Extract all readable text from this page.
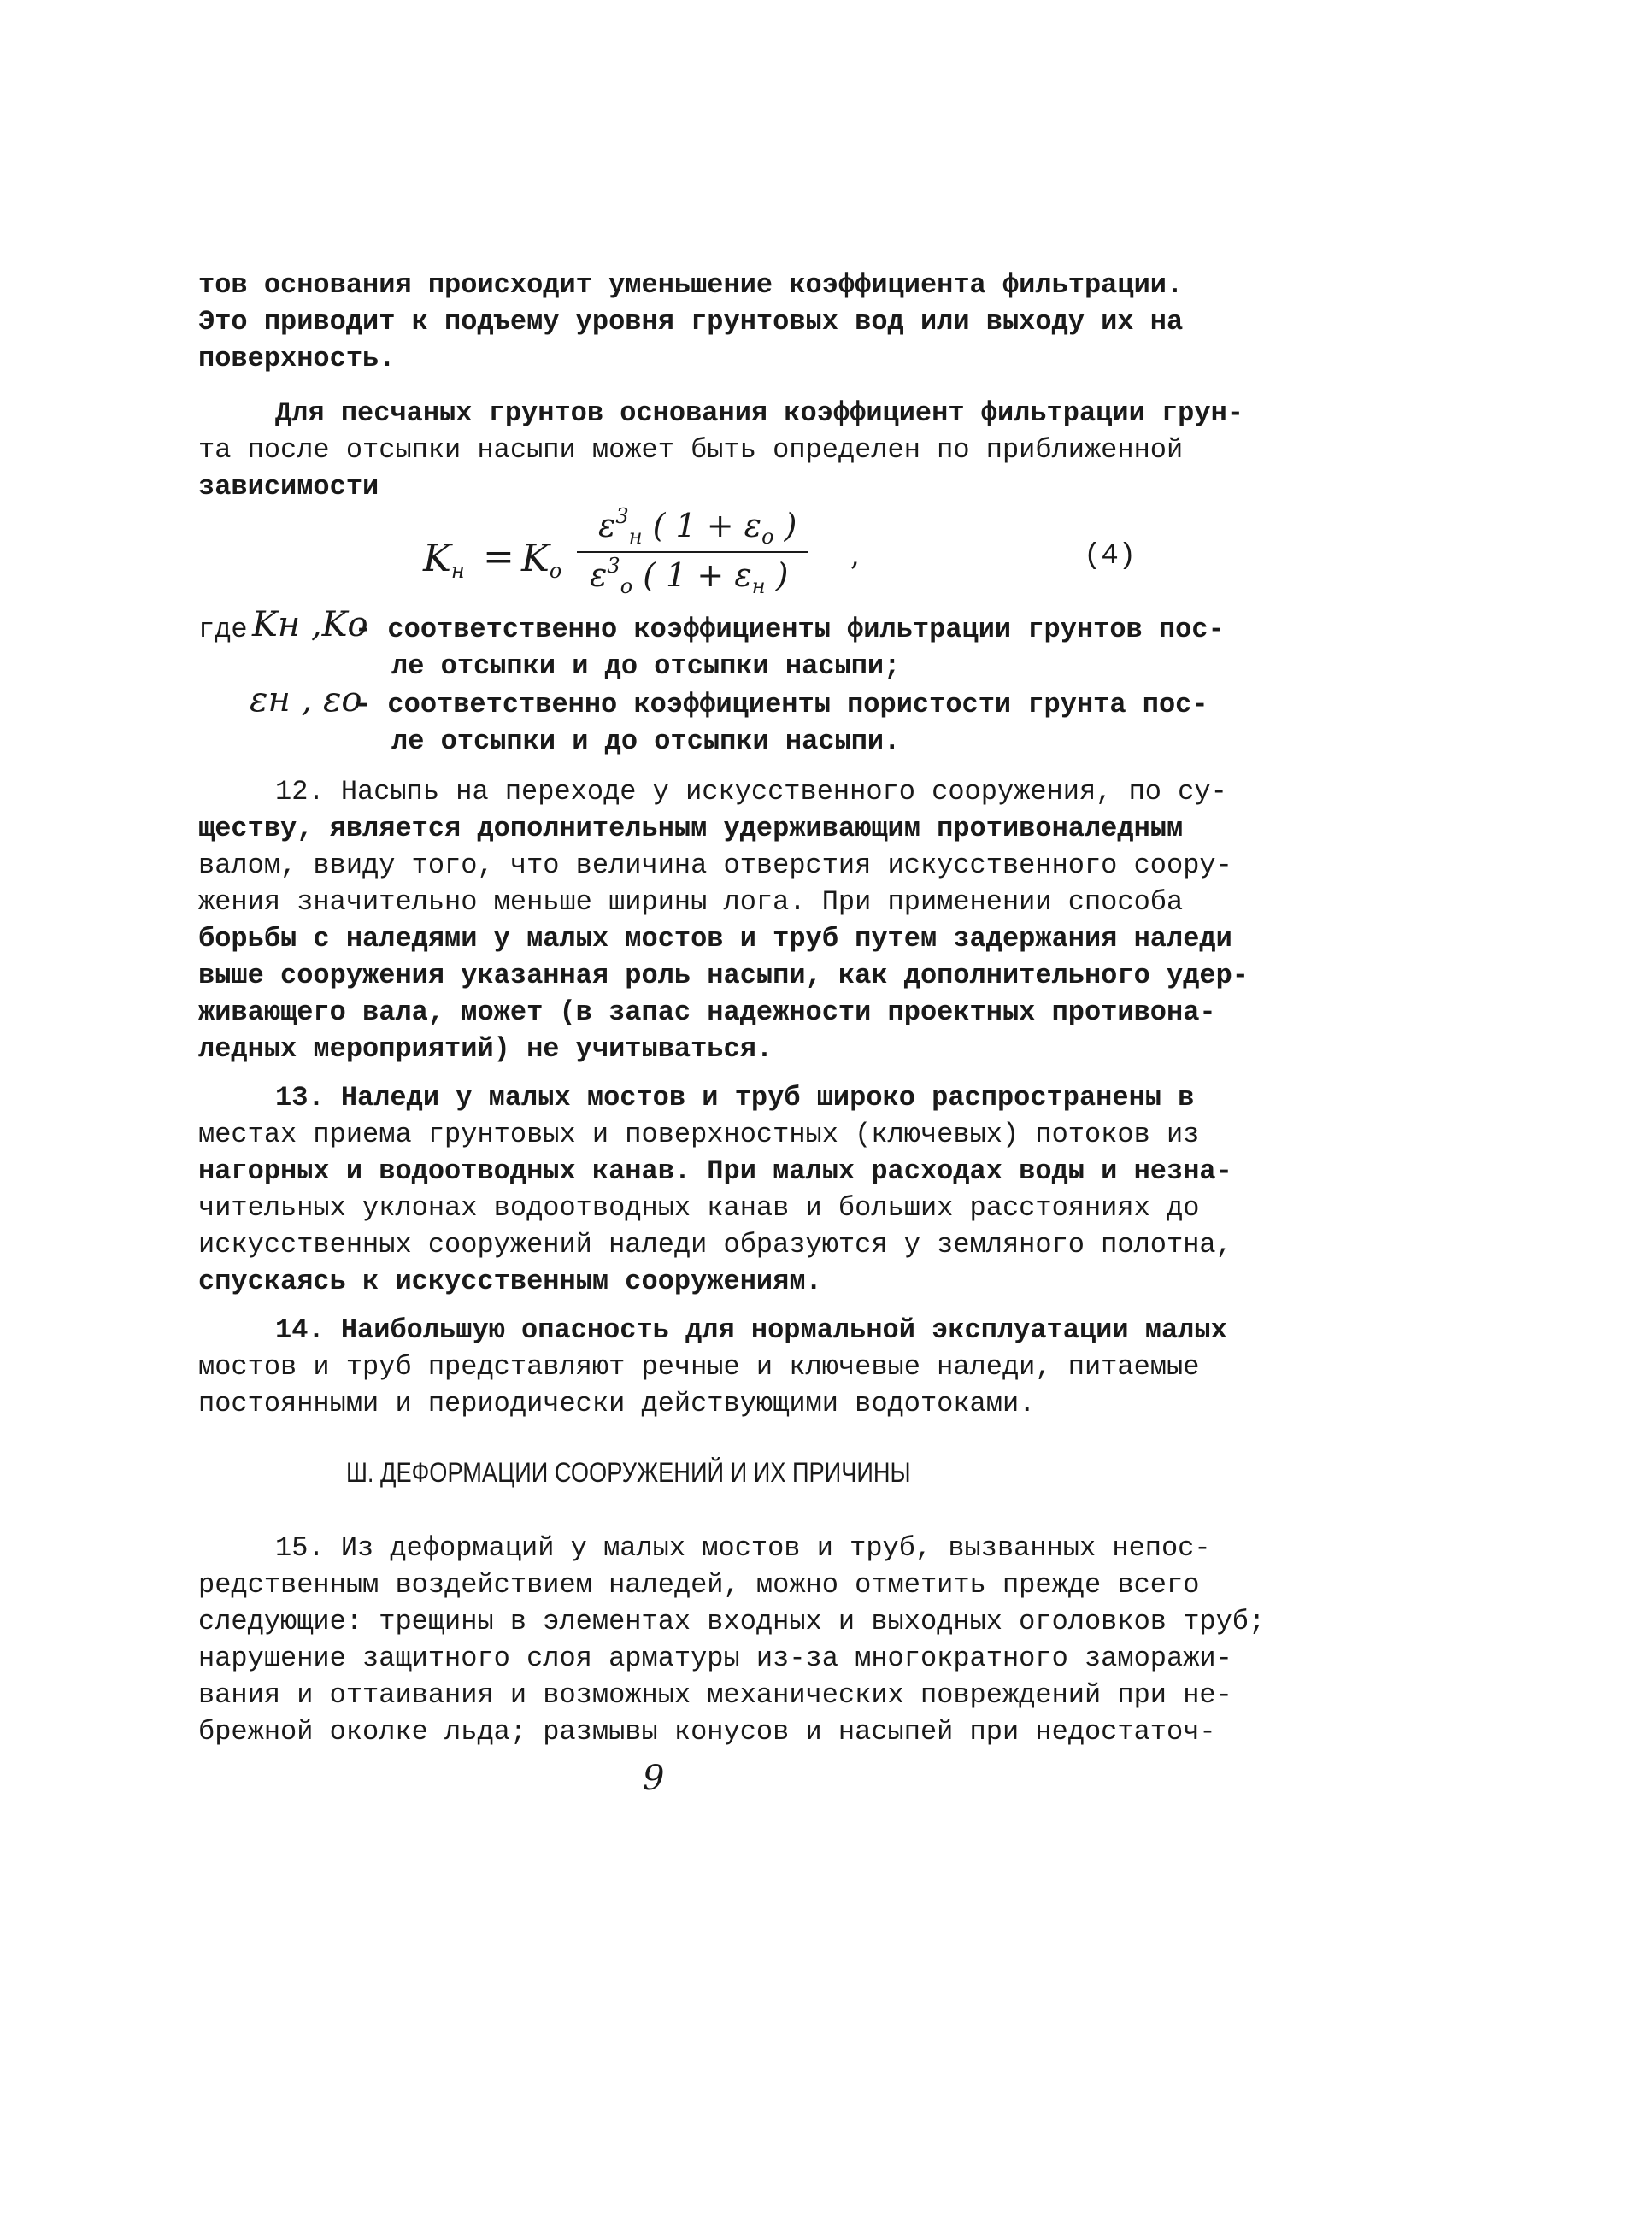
тов основания происходит уменьшение коэффициента фильтрации.
Это приводит к подъему уровня грунтовых вод или выходу их на
поверхность.
Для песчаных грунтов основания коэффициент фильтрации грун-
та после отсыпки насыпи может быть определен по приближенной
зависимости
$K_н = K_о$
$\varepsilon^3_н$ ( $1 + \varepsilon_о$ )
$\varepsilon^3_о$ ( $1 + \varepsilon_н$ )
,	(4)
где Kн ,Kо
- соответственно коэффициенты фильтрации грунтов пос-
ле отсыпки и до отсыпки насыпи;
εн , εо
- соответственно коэффициенты пористости грунта пос-
ле отсыпки и до отсыпки насыпи.
12. Насыпь на переходе у искусственного сооружения, по су-
ществу, является дополнительным удерживающим противоналедным
валом, ввиду того, что величина отверстия искусственного соору-
жения значительно меньше ширины лога. При применении способа
борьбы с наледями у малых мостов и труб путем задержания наледи
выше сооружения указанная роль насыпи, как дополнительного удер-
живающего вала, может (в запас надежности проектных противона-
ледных мероприятий) не учитываться.
13. Наледи у малых мостов и труб широко распространены в
местах приема грунтовых и поверхностных (ключевых) потоков из
нагорных и водоотводных канав. При малых расходах воды и незна-
чительных уклонах водоотводных канав и больших расстояниях до
искусственных сооружений наледи образуются у земляного полотна,
спускаясь к искусственным сооружениям.
14. Наибольшую опасность для нормальной эксплуатации малых
мостов и труб представляют речные и ключевые наледи, питаемые
постоянными и периодически действующими водотоками.
Ш. ДЕФОРМАЦИИ СООРУЖЕНИЙ И ИХ ПРИЧИНЫ
15. Из деформаций у малых мостов и труб, вызванных непос-
редственным воздействием наледей, можно отметить прежде всего
следующие: трещины в элементах входных и выходных оголовков труб;
нарушение защитного слоя арматуры из-за многократного заморажи-
вания и оттаивания и возможных механических повреждений при не-
брежной околке льда; размывы конусов и насыпей при недостаточ-
9
